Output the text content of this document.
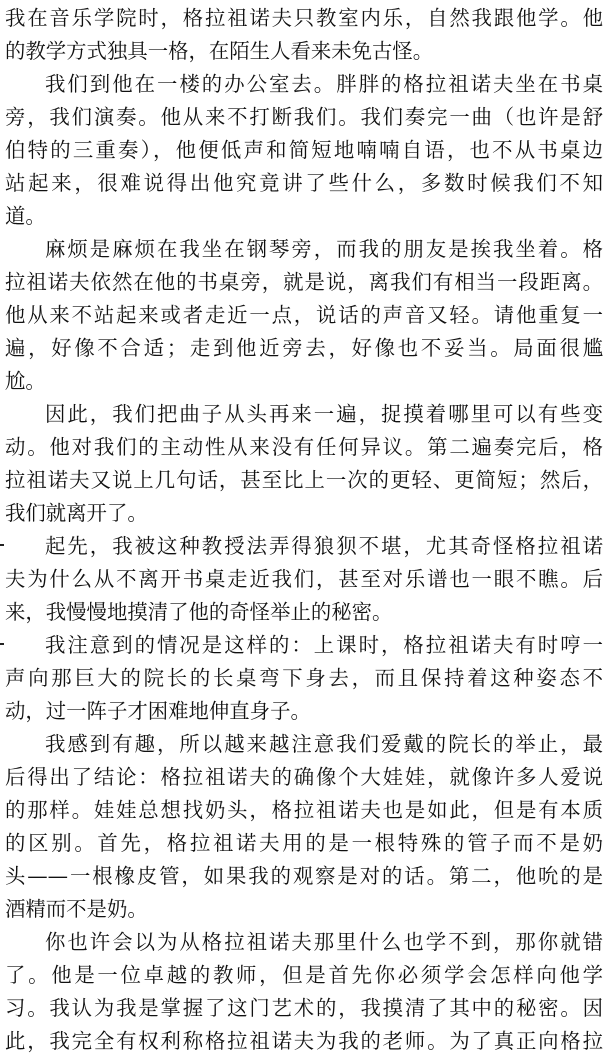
我在音乐学院时，格拉祖诺夫只教室内乐，自然我跟他学。他
的教学方式独具一格，在陌生人看来未免古怪。
我们到他在一楼的办公室去。胖胖的格拉祖诺夫坐在书桌
旁，我们演奏。他从来不打断我们。我们奏完一曲（也许是舒
伯特的三重奏），他便低声和简短地喃喃自语，也不从书桌边
站起来，很难说得出他究竟讲了些什么，多数时候我们不知
道。
麻烦是麻烦在我坐在钢琴旁，而我的朋友是挨我坐着。格
拉祖诺夫依然在他的书桌旁，就是说，离我们有相当一段距离。
他从来不站起来或者走近一点，说话的声音又轻。请他重复一
遍，好像不合适；走到他近旁去，好像也不妥当。局面很尴
尬。
因此，我们把曲子从头再来一遍，捉摸着哪里可以有些变
动。他对我们的主动性从来没有任何异议。第二遍奏完后，格
拉祖诺夫又说上几句话，甚至比上一次的更轻、更简短；然后，
我们就离开了。
起先，我被这种教授法弄得狼狈不堪，尤其奇怪格拉祖诺
夫为什么从不离开书桌走近我们，甚至对乐谱也一眼不瞧。后
来，我慢慢地摸清了他的奇怪举止的秘密。
我注意到的情况是这样的：上课时，格拉祖诺夫有时哼一
声向那巨大的院长的长桌弯下身去，而且保持着这种姿态不
动，过一阵子才困难地伸直身子。
我感到有趣，所以越来越注意我们爱戴的院长的举止，最
后得出了结论：格拉祖诺夫的确像个大娃娃，就像许多人爱说
的那样。娃娃总想找奶头，格拉祖诺夫也是如此，但是有本质
的区别。首先，格拉祖诺夫用的是一根特殊的管子而不是奶
头——一根橡皮管，如果我的观察是对的话。第二，他吮的是
酒精而不是奶。
你也许会以为从格拉祖诺夫那里什么也学不到，那你就错
了。他是一位卓越的教师，但是首先你必须学会怎样向他学
习。我认为我是掌握了这门艺术的，我摸清了其中的秘密。因
此，我完全有权利称格拉祖诺夫为我的老师。为了真正向格拉
